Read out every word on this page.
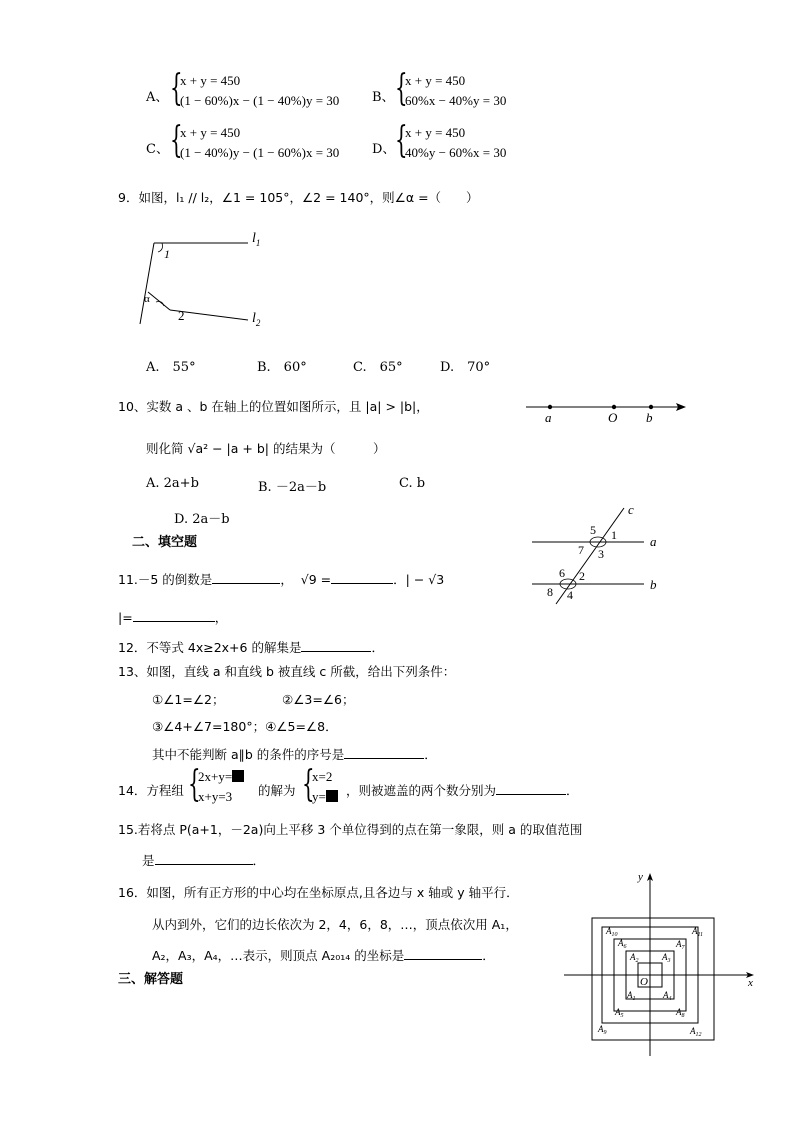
A、 {
x + y = 450
(1 − 60%)x − (1 − 40%)y = 30	B、 {
x + y = 450
60%x − 40%y = 30
C、 {
x + y = 450
(1 − 40%)y − (1 − 60%)x = 30	D、 {
x + y = 450
40%y − 60%x = 30
9．如图，l₁ // l₂，∠1 = 105°，∠2 = 140°，则∠α =（　　）
1
α
2
$l_1$
$l_2$
A.　55°	B.　60°	C.　65°	D.　70°
10、实数 a 、b 在轴上的位置如图所示，且 |a| > |b|，
a	O b
则化简 √a² − |a + b| 的结果为（　　　）
A. 2a+b	B. －2a－b	C. b
D. 2a－b
二、填空题
c
a
b
5 1
7 3
6 2
8 4
11.－5 的倒数是	， √9 =	．| − √3
|=	，
12．不等式 4x≥2x+6 的解集是	．
13、如图，直线 a 和直线 b 被直线 c 所截，给出下列条件：
①∠1=∠2；	②∠3=∠6；
③∠4+∠7=180°；④∠5=∠8．
其中不能判断 a∥b 的条件的序号是	．
14．方程组 {
2x+y=
x+y=3 的解为 {
x=2
y=	，则被遮盖的两个数分别为	．
15.若将点 P(a+1，－2a)向上平移 3 个单位得到的点在第一象限，则 a 的取值范围
是	．
16．如图，所有正方形的中心均在坐标原点,且各边与 x 轴或 y 轴平行．
从内到外，它们的边长依次为 2，4，6，8，…，顶点依次用 A₁，
A₂，A₃，A₄，…表示，则顶点 A₂₀₁₄ 的坐标是	．
三、解答题	x
y
O
$A_1$
$A_2$	$A_3$
$A_4$
$A_5$
$A_6$	$A_7$
$A_8$
$A_9$
$A_{10}$	$A_{11}$
$A_{12}$
